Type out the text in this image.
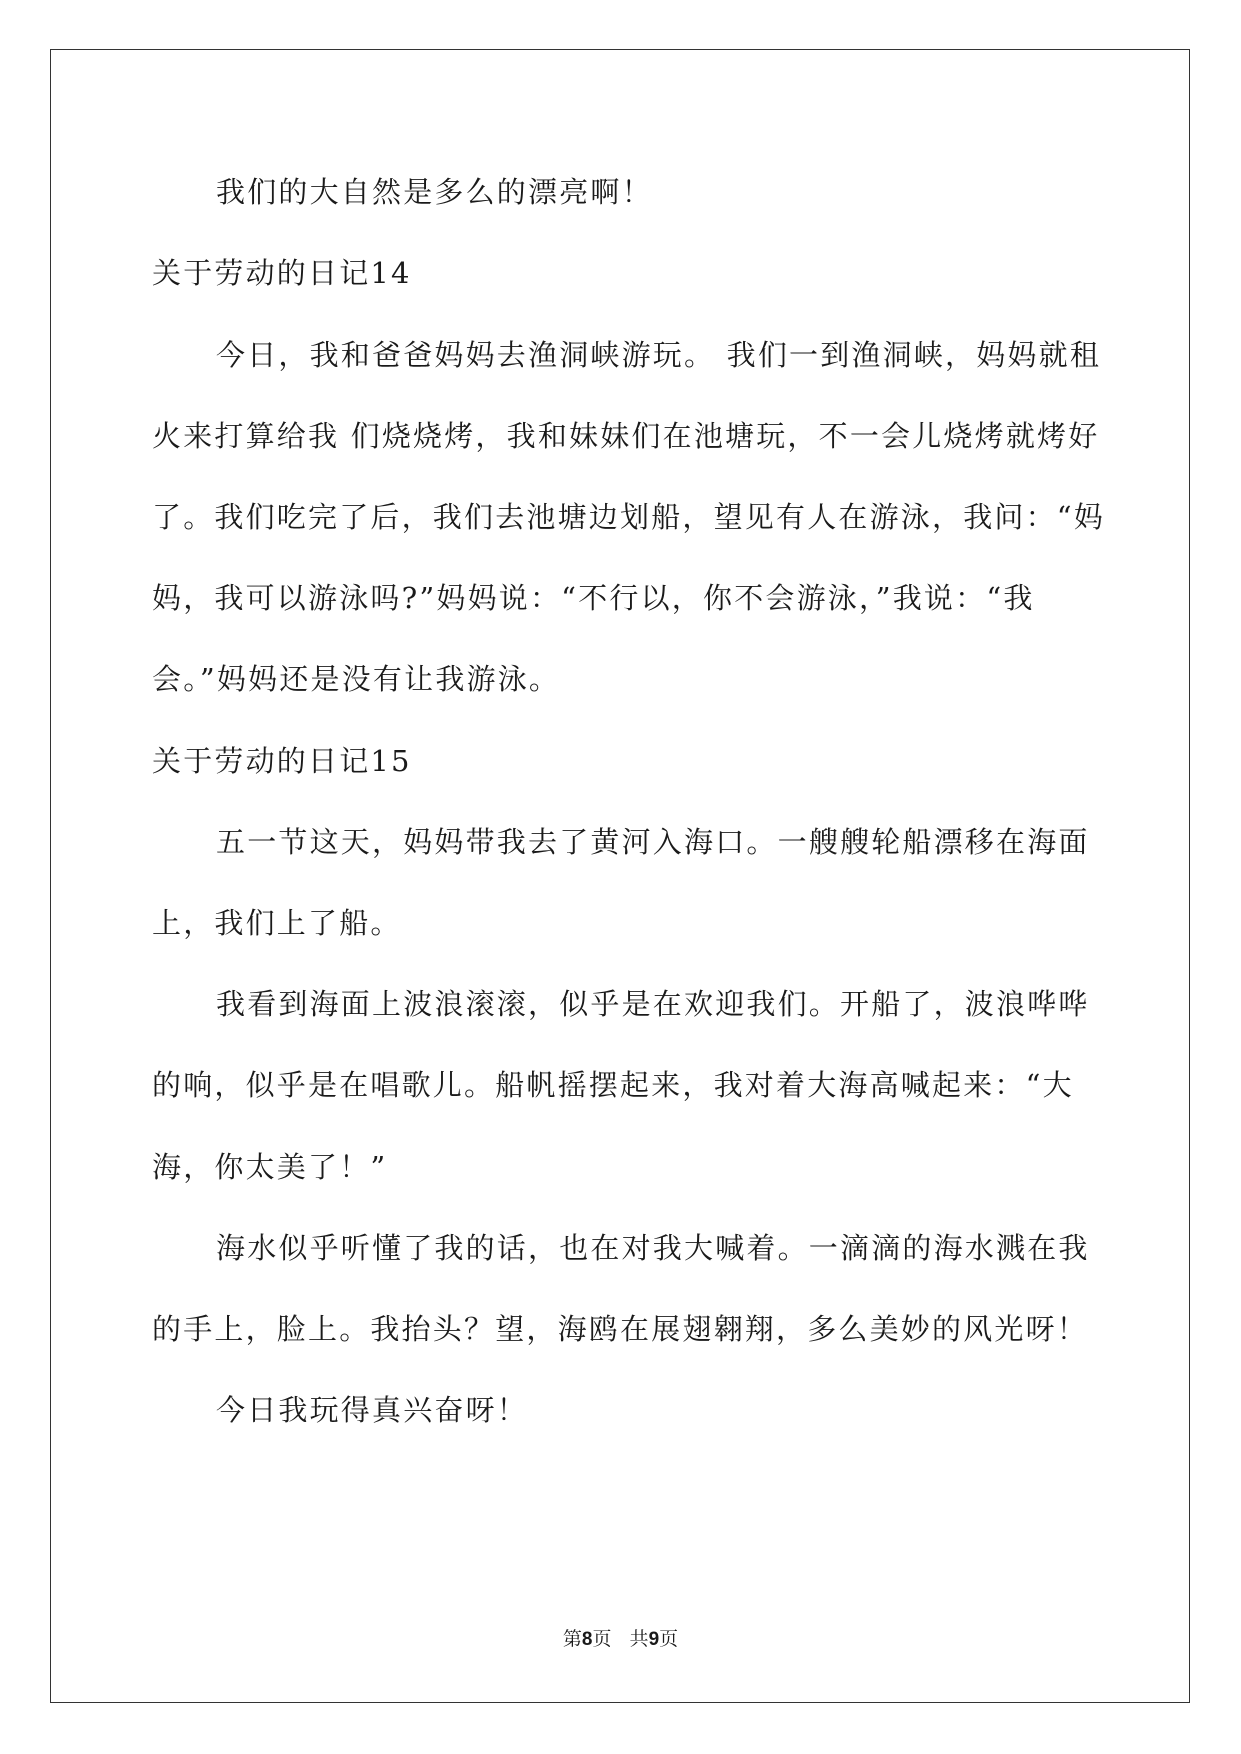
我们的大自然是多么的漂亮啊！
关于劳动的日记14
今日，我和爸爸妈妈去渔洞峡游玩。 我们一到渔洞峡，妈妈就租
火来打算给我 们烧烧烤，我和妹妹们在池塘玩，不一会儿烧烤就烤好
了。我们吃完了后，我们去池塘边划船，望见有人在游泳，我问：“妈
妈，我可以游泳吗?”妈妈说：“不行以，你不会游泳，”我说：“我
会。”妈妈还是没有让我游泳。
关于劳动的日记15
五一节这天，妈妈带我去了黄河入海口。一艘艘轮船漂移在海面
上，我们上了船。
我看到海面上波浪滚滚，似乎是在欢迎我们。开船了，波浪哗哗
的响，似乎是在唱歌儿。船帆摇摆起来，我对着大海高喊起来：“大
海，你太美了！”
海水似乎听懂了我的话，也在对我大喊着。一滴滴的海水溅在我
的手上，脸上。我抬头？望，海鸥在展翅翱翔，多么美妙的风光呀！
今日我玩得真兴奋呀！
第8页   共9页
